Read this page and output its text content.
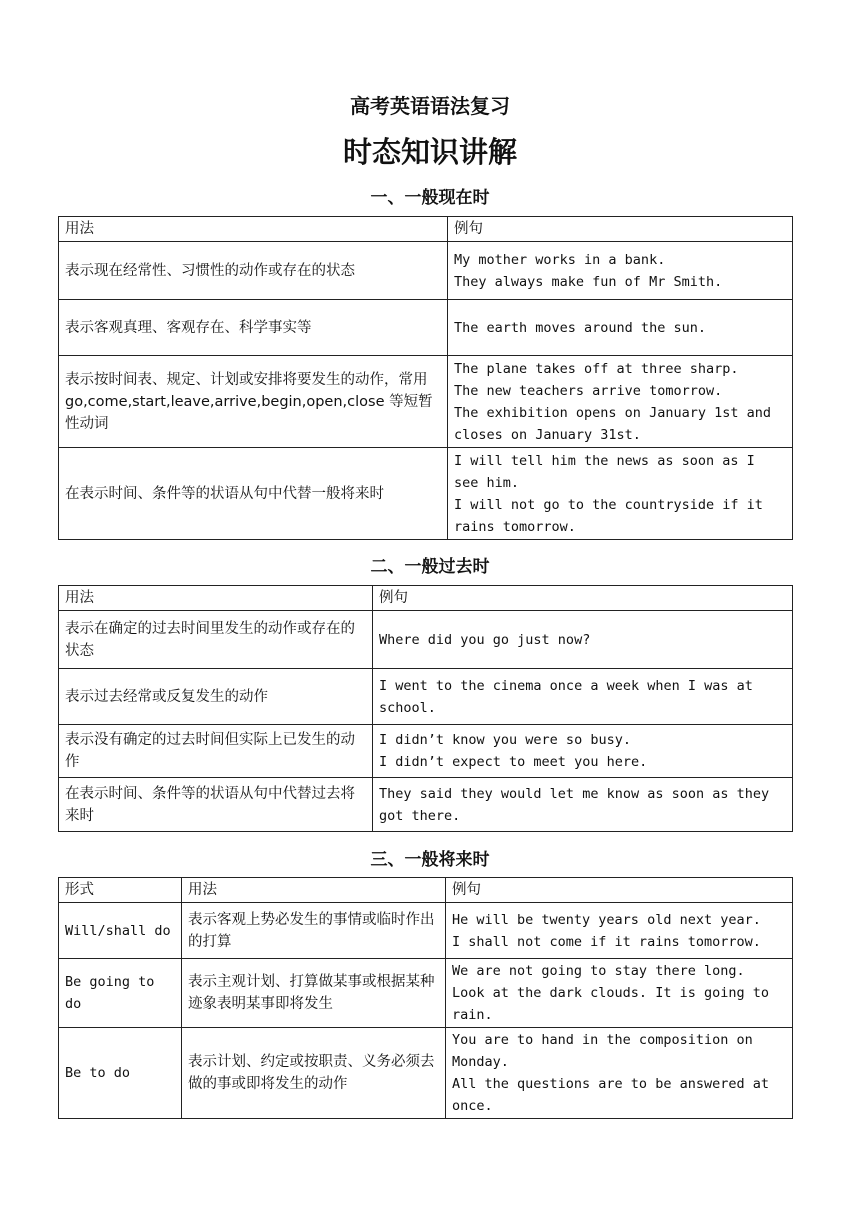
高考英语语法复习
时态知识讲解
一、一般现在时
用法	例句
表示现在经常性、习惯性的动作或存在的状态	My mother works in a bank.
They always make fun of Mr Smith.

表示客观真理、客观存在、科学事实等	The earth moves around the sun.

表示按时间表、规定、计划或安排将要发生的动作，常用 go,come,start,leave,arrive,begin,open,close 等短暂性动词	The plane takes off at three sharp.
The new teachers arrive tomorrow.
The exhibition opens on January 1st and closes on January 31st.

在表示时间、条件等的状语从句中代替一般将来时	I will tell him the news as soon as I see him.
I will not go to the countryside if it rains tomorrow.
二、一般过去时
用法	例句
表示在确定的过去时间里发生的动作或存在的状态	Where did you go just now?

表示过去经常或反复发生的动作	I went to the cinema once a week when I was at school.

表示没有确定的过去时间但实际上已发生的动作	I didn’t know you were so busy.
I didn’t expect to meet you here.

在表示时间、条件等的状语从句中代替过去将来时	They said they would let me know as soon as they got there.
三、一般将来时
形式	用法	例句
Will/shall do	表示客观上势必发生的事情或临时作出的打算	He will be twenty years old next year.
I shall not come if it rains tomorrow.

Be going to do	表示主观计划、打算做某事或根据某种迹象表明某事即将发生	We are not going to stay there long.
Look at the dark clouds. It is going to rain.

Be to do	表示计划、约定或按职责、义务必须去做的事或即将发生的动作	You are to hand in the composition on Monday.
All the questions are to be answered at once.
